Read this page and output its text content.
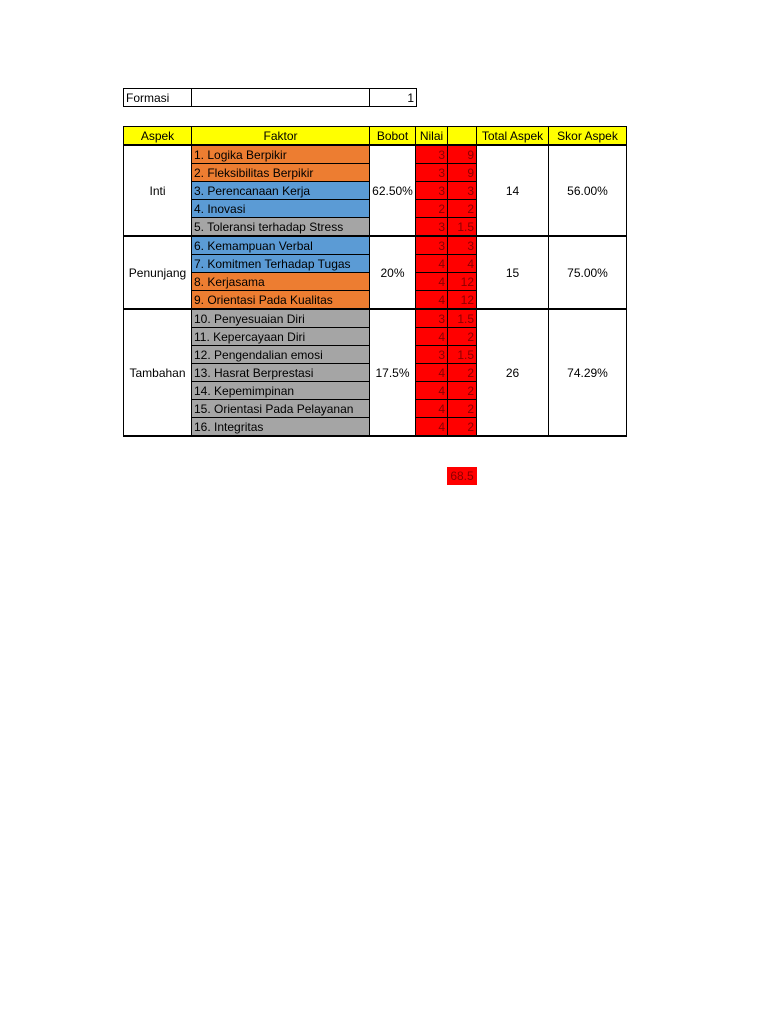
Formasi		1
Aspek	Faktor	Bobot	Nilai		Total Aspek	Skor Aspek
Inti	1. Logika Berpikir	62.50%	3	9	14	56.00%
	2. Fleksibilitas Berpikir		3	9		
	3. Perencanaan Kerja		3	3		
	4. Inovasi		2	2		
	5. Toleransi terhadap Stress		3	1.5		
Penunjang	6. Kemampuan Verbal	20%	3	3	15	75.00%
	7. Komitmen Terhadap Tugas		4	4		
	8. Kerjasama		4	12		
	9. Orientasi Pada Kualitas		4	12		
Tambahan	10. Penyesuaian Diri	17.5%	3	1.5	26	74.29%
	11. Kepercayaan Diri		4	2		
	12. Pengendalian emosi		3	1.5		
	13. Hasrat Berprestasi		4	2		
	14. Kepemimpinan		4	2		
	15. Orientasi Pada Pelayanan		4	2		
	16. Integritas		4	2		
68.5
